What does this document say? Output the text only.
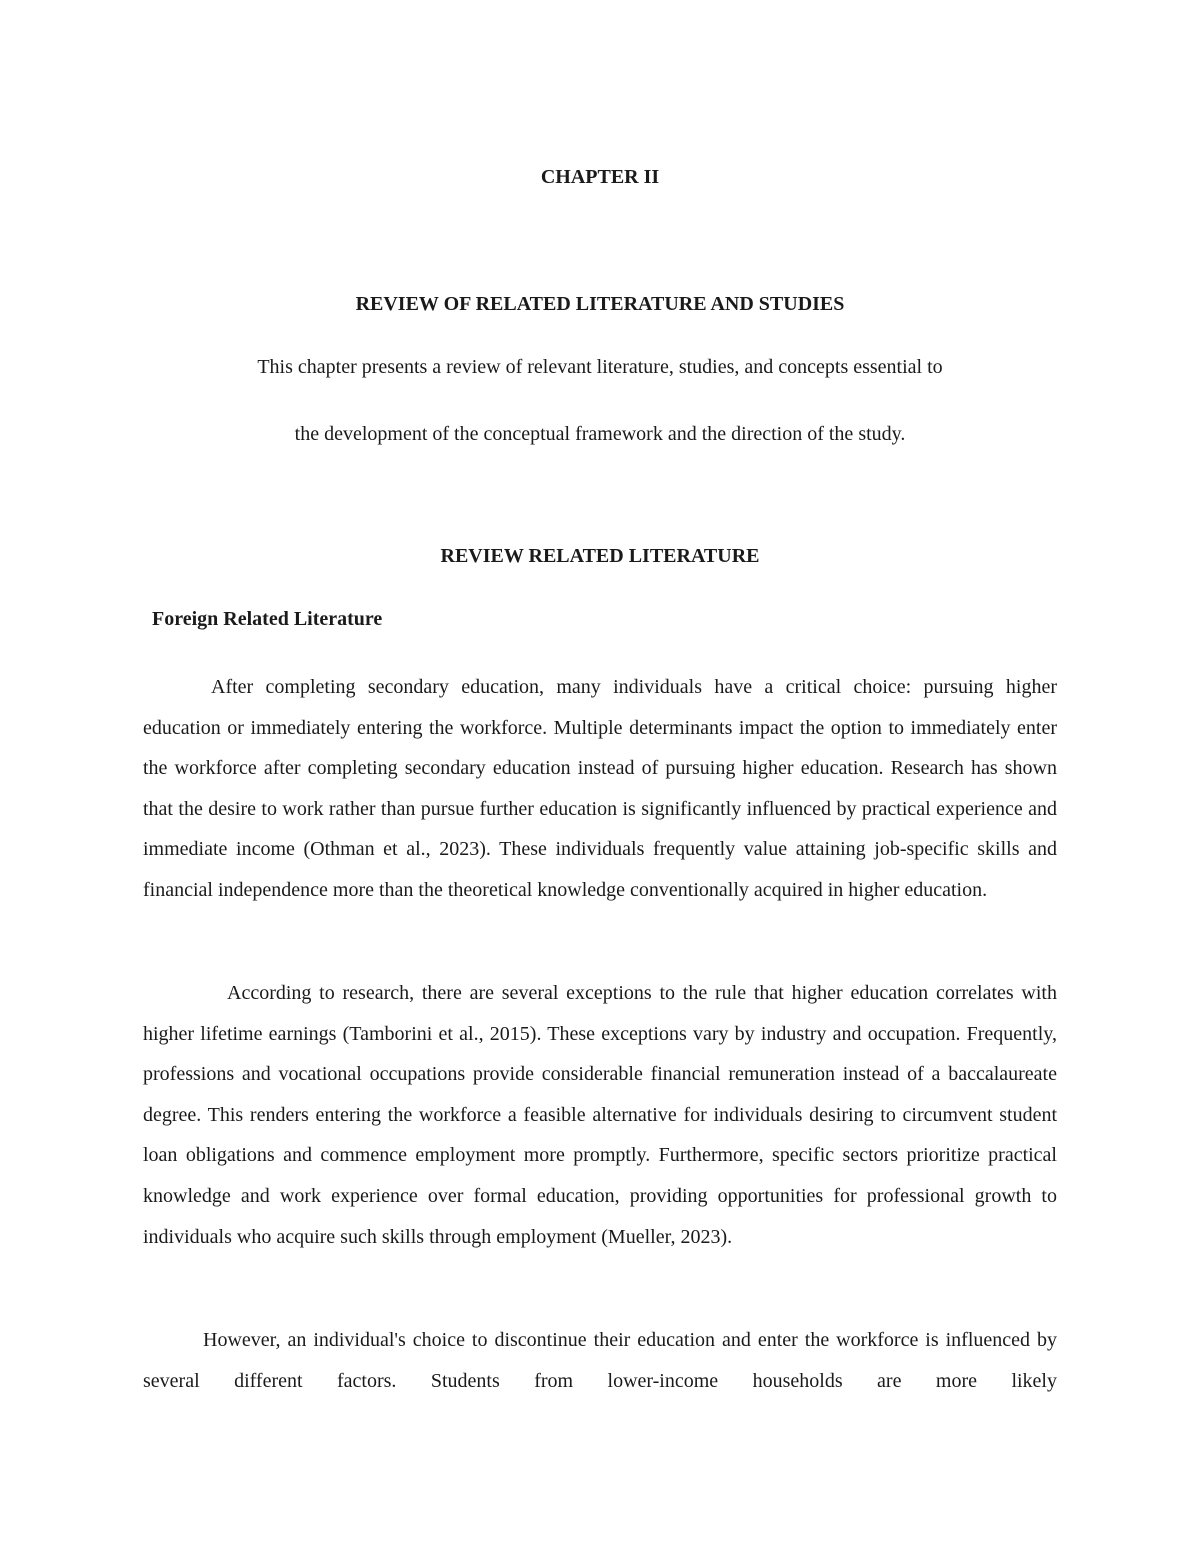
CHAPTER II
REVIEW OF RELATED LITERATURE AND STUDIES
This chapter presents a review of relevant literature, studies, and concepts essential to
the development of the conceptual framework and the direction of the study.
REVIEW RELATED LITERATURE
Foreign Related Literature

After completing secondary education, many individuals have a critical choice: pursuing higher education or immediately entering the workforce. Multiple determinants impact the option to immediately enter the workforce after completing secondary education instead of pursuing higher education. Research has shown that the desire to work rather than pursue further education is significantly influenced by practical experience and immediate income (Othman et al., 2023). These individuals frequently value attaining job-specific skills and financial independence more than the theoretical knowledge conventionally acquired in higher education.

According to research, there are several exceptions to the rule that higher education correlates with higher lifetime earnings (Tamborini et al., 2015). These exceptions vary by industry and occupation. Frequently, professions and vocational occupations provide considerable financial remuneration instead of a baccalaureate degree. This renders entering the workforce a feasible alternative for individuals desiring to circumvent student loan obligations and commence employment more promptly. Furthermore, specific sectors prioritize practical knowledge and work experience over formal education, providing opportunities for professional growth to individuals who acquire such skills through employment (Mueller, 2023).

However, an individual's choice to discontinue their education and enter the workforce is influenced by several different factors. Students from lower-income households are more likely
